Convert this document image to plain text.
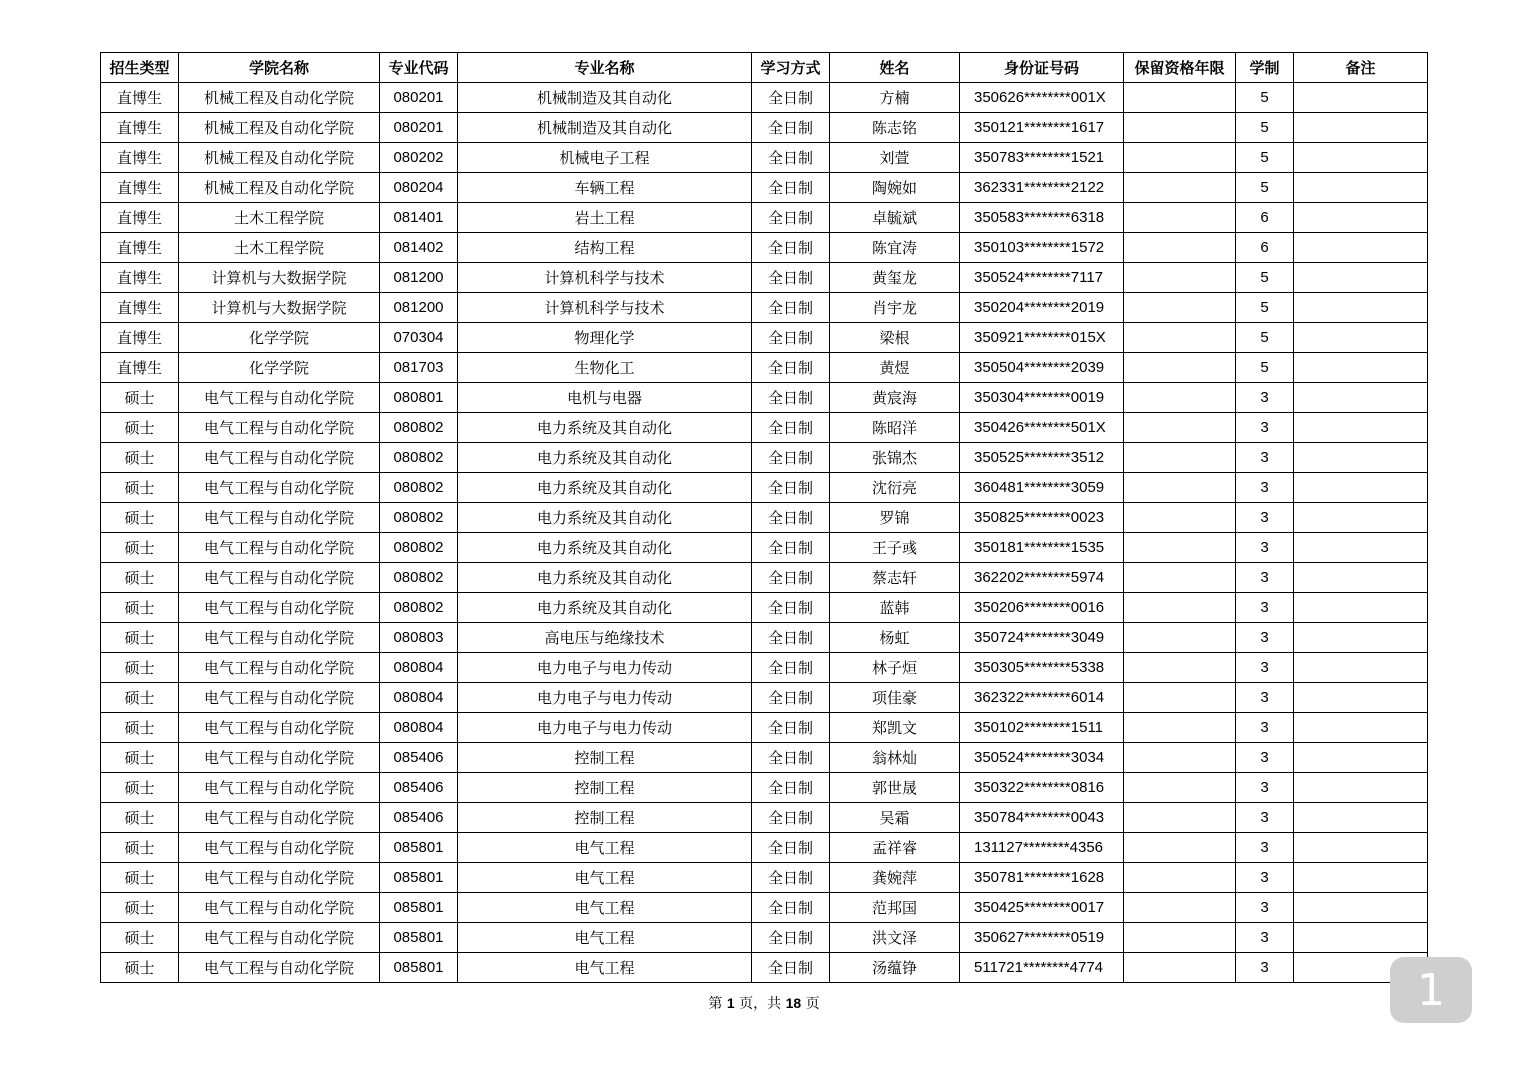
招生类型	学院名称	专业代码	专业名称	学习方式	姓名	身份证号码	保留资格年限	学制	备注
直博生	机械工程及自动化学院	080201	机械制造及其自动化	全日制	方楠	350626********001X		5	
直博生	机械工程及自动化学院	080201	机械制造及其自动化	全日制	陈志铭	350121********1617		5	
直博生	机械工程及自动化学院	080202	机械电子工程	全日制	刘萱	350783********1521		5	
直博生	机械工程及自动化学院	080204	车辆工程	全日制	陶婉如	362331********2122		5	
直博生	土木工程学院	081401	岩土工程	全日制	卓毓斌	350583********6318		6	
直博生	土木工程学院	081402	结构工程	全日制	陈宜涛	350103********1572		6	
直博生	计算机与大数据学院	081200	计算机科学与技术	全日制	黄玺龙	350524********7117		5	
直博生	计算机与大数据学院	081200	计算机科学与技术	全日制	肖宇龙	350204********2019		5	
直博生	化学学院	070304	物理化学	全日制	梁根	350921********015X		5	
直博生	化学学院	081703	生物化工	全日制	黄煜	350504********2039		5	
硕士	电气工程与自动化学院	080801	电机与电器	全日制	黄宸海	350304********0019		3	
硕士	电气工程与自动化学院	080802	电力系统及其自动化	全日制	陈昭洋	350426********501X		3	
硕士	电气工程与自动化学院	080802	电力系统及其自动化	全日制	张锦杰	350525********3512		3	
硕士	电气工程与自动化学院	080802	电力系统及其自动化	全日制	沈衍亮	360481********3059		3	
硕士	电气工程与自动化学院	080802	电力系统及其自动化	全日制	罗锦	350825********0023		3	
硕士	电气工程与自动化学院	080802	电力系统及其自动化	全日制	王子彧	350181********1535		3	
硕士	电气工程与自动化学院	080802	电力系统及其自动化	全日制	蔡志轩	362202********5974		3	
硕士	电气工程与自动化学院	080802	电力系统及其自动化	全日制	蓝韩	350206********0016		3	
硕士	电气工程与自动化学院	080803	高电压与绝缘技术	全日制	杨虹	350724********3049		3	
硕士	电气工程与自动化学院	080804	电力电子与电力传动	全日制	林子烜	350305********5338		3	
硕士	电气工程与自动化学院	080804	电力电子与电力传动	全日制	项佳豪	362322********6014		3	
硕士	电气工程与自动化学院	080804	电力电子与电力传动	全日制	郑凯文	350102********1511		3	
硕士	电气工程与自动化学院	085406	控制工程	全日制	翁林灿	350524********3034		3	
硕士	电气工程与自动化学院	085406	控制工程	全日制	郭世晟	350322********0816		3	
硕士	电气工程与自动化学院	085406	控制工程	全日制	吴霜	350784********0043		3	
硕士	电气工程与自动化学院	085801	电气工程	全日制	孟祥睿	131127********4356		3	
硕士	电气工程与自动化学院	085801	电气工程	全日制	龚婉萍	350781********1628		3	
硕士	电气工程与自动化学院	085801	电气工程	全日制	范邦国	350425********0017		3	
硕士	电气工程与自动化学院	085801	电气工程	全日制	洪文泽	350627********0519		3	
硕士	电气工程与自动化学院	085801	电气工程	全日制	汤蕴铮	511721********4774		3	
第 1 页，共 18 页	1
